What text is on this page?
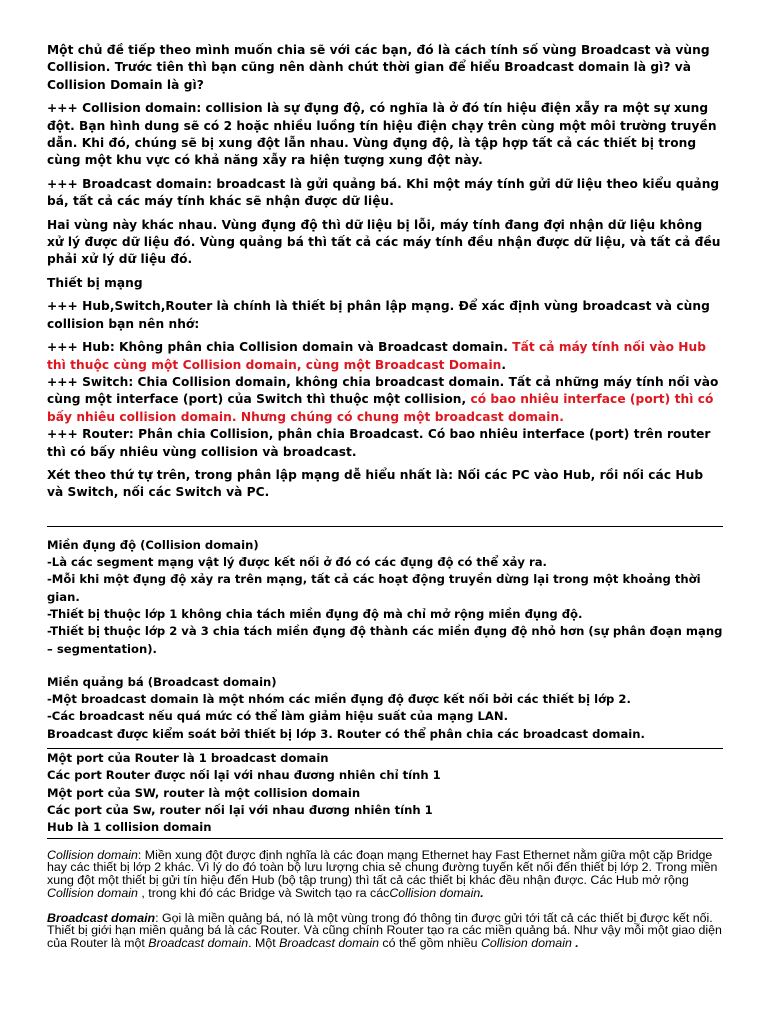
Một chủ đề tiếp theo mình muốn chia sẽ với các bạn, đó là cách tính số vùng Broadcast và vùng Collision. Trước tiên thì bạn cũng nên dành chút thời gian để hiểu Broadcast domain là gì? và Collision Domain là gì?

+++ Collision domain: collision là sự đụng độ, có nghĩa là ở đó tín hiệu điện xẫy ra một sự xung đột. Bạn hình dung sẽ có 2 hoặc nhiều luồng tín hiệu điện chạy trên cùng một môi trường truyền dẫn. Khi đó, chúng sẽ bị xung đột lẫn nhau. Vùng đụng độ, là tập hợp tất cả các thiết bị trong cùng một khu vực có khả năng xẫy ra hiện tượng xung đột này.

+++ Broadcast domain: broadcast là gửi quảng bá. Khi một máy tính gửi dữ liệu theo kiểu quảng bá, tất cả các máy tính khác sẽ nhận được dữ liệu.

Hai vùng này khác nhau. Vùng đụng độ thì dữ liệu bị lỗi, máy tính đang đợi nhận dữ liệu không xử lý được dữ liệu đó. Vùng quảng bá thì tất cả các máy tính đều nhận được dữ liệu, và tất cả đều phải xử lý dữ liệu đó.

Thiết bị mạng

+++ Hub,Switch,Router là chính là thiết bị phân lập mạng. Để xác định vùng broadcast và cùng collision bạn nên nhớ:

+++ Hub: Không phân chia Collision domain và Broadcast domain. Tất cả máy tính nối vào Hub thì thuộc cùng một Collision domain, cùng một Broadcast Domain.

+++ Switch: Chia Collision domain, không chia broadcast domain. Tất cả những máy tính nối vào cùng một interface (port) của Switch thì thuộc một collision, có bao nhiêu interface (port) thì có bấy nhiêu collision domain. Nhưng chúng có chung một broadcast domain.

+++ Router: Phân chia Collision, phân chia Broadcast. Có bao nhiêu interface (port) trên router thì có bấy nhiêu vùng collision và broadcast.

Xét theo thứ tự trên, trong phân lập mạng dễ hiểu nhất là: Nối các PC vào Hub, rồi nối các Hub và Switch, nối các Switch và PC.

Miền đụng độ (Collision domain)

-Là các segment mạng vật lý được kết nối ở đó có các đụng độ có thể xảy ra.

-Mỗi khi một đụng độ xảy ra trên mạng, tất cả các hoạt động truyền dừng lại trong một khoảng thời gian.

-Thiết bị thuộc lớp 1 không chia tách miền đụng độ mà chỉ mở rộng miền đụng độ.

-Thiết bị thuộc lớp 2 và 3 chia tách miền đụng độ thành các miền đụng độ nhỏ hơn (sự phân đoạn mạng – segmentation).

Miền quảng bá (Broadcast domain)

-Một broadcast domain là một nhóm các miền đụng độ được kết nối bởi các thiết bị lớp 2.

-Các broadcast nếu quá mức có thể làm giảm hiệu suất của mạng LAN.

Broadcast được kiểm soát bởi thiết bị lớp 3. Router có thể phân chia các broadcast domain.

Một port của Router là 1 broadcast domain

Các port Router được nối lại với nhau đương nhiên chỉ tính 1

Một port của SW, router là một collision domain

Các port của Sw, router nối lại với nhau đương nhiên tính 1

Hub là 1 collision domain

Collision domain: Miền xung đột được định nghĩa là các đoạn mạng Ethernet hay Fast Ethernet nằm giữa một cặp Bridge hay các thiết bị lớp 2 khác. Vì lý do đó toàn bộ lưu lượng chia sẻ chung đường tuyến kết nối đến thiết bị lớp 2. Trong miền xung đột một thiết bị gửi tín hiệu đến Hub (bộ tập trung) thì tất cả các thiết bị khác đều nhận được. Các Hub mở rộng Collision domain , trong khi đó các Bridge và Switch tạo ra cácCollision domain.

Broadcast domain: Gọi là miền quảng bá, nó là một vùng trong đó thông tin được gửi tới tất cả các thiết bị được kết nối. Thiết bị giới hạn miền quảng bá là các Router. Và cũng chính Router tạo ra các miền quảng bá. Như vậy mỗi một giao diện của Router là một Broadcast domain. Một Broadcast domain có thể gồm nhiều Collision domain .
